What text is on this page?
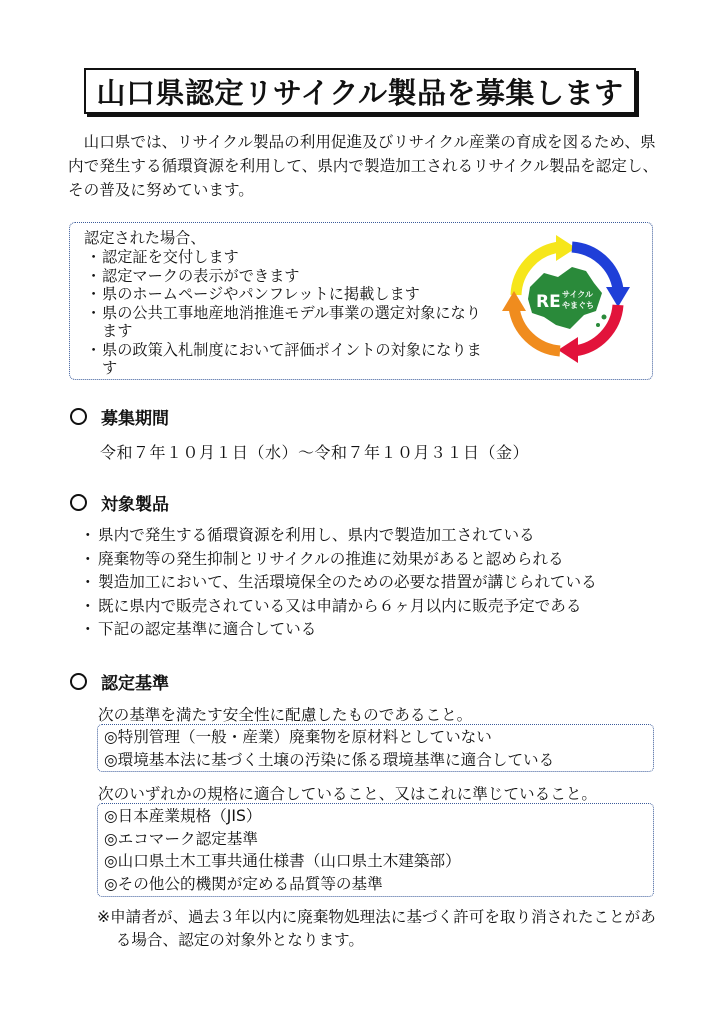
山口県認定リサイクル製品を募集します

山口県では、リサイクル製品の利用促進及びリサイクル産業の育成を図るため、県内で発生する循環資源を利用して、県内で製造加工されるリサイクル製品を認定し、その普及に努めています。

認定された場合、
・ 認定証を交付します
・ 認定マークの表示ができます
・ 県のホームページやパンフレットに掲載します
・ 県の公共工事地産地消推進モデル事業の選定対象になります
・ 県の政策入札制度において評価ポイントの対象になります
RE サイクル
やまぐち
募集期間
令和７年１０月１日（水）～令和７年１０月３１日（金）
対象製品
・ 県内で発生する循環資源を利用し、県内で製造加工されている
・ 廃棄物等の発生抑制とリサイクルの推進に効果があると認められる
・ 製造加工において、生活環境保全のための必要な措置が講じられている
・ 既に県内で販売されている又は申請から６ヶ月以内に販売予定である
・ 下記の認定基準に適合している
認定基準
次の基準を満たす安全性に配慮したものであること。
◎特別管理（一般・産業）廃棄物を原材料としていない
◎環境基本法に基づく土壌の汚染に係る環境基準に適合している
次のいずれかの規格に適合していること、又はこれに準じていること。
◎日本産業規格（JIS）
◎エコマーク認定基準
◎山口県土木工事共通仕様書（山口県土木建築部）
◎その他公的機関が定める品質等の基準

※申請者が、過去３年以内に廃棄物処理法に基づく許可を取り消されたことがある場合、認定の対象外となります。
